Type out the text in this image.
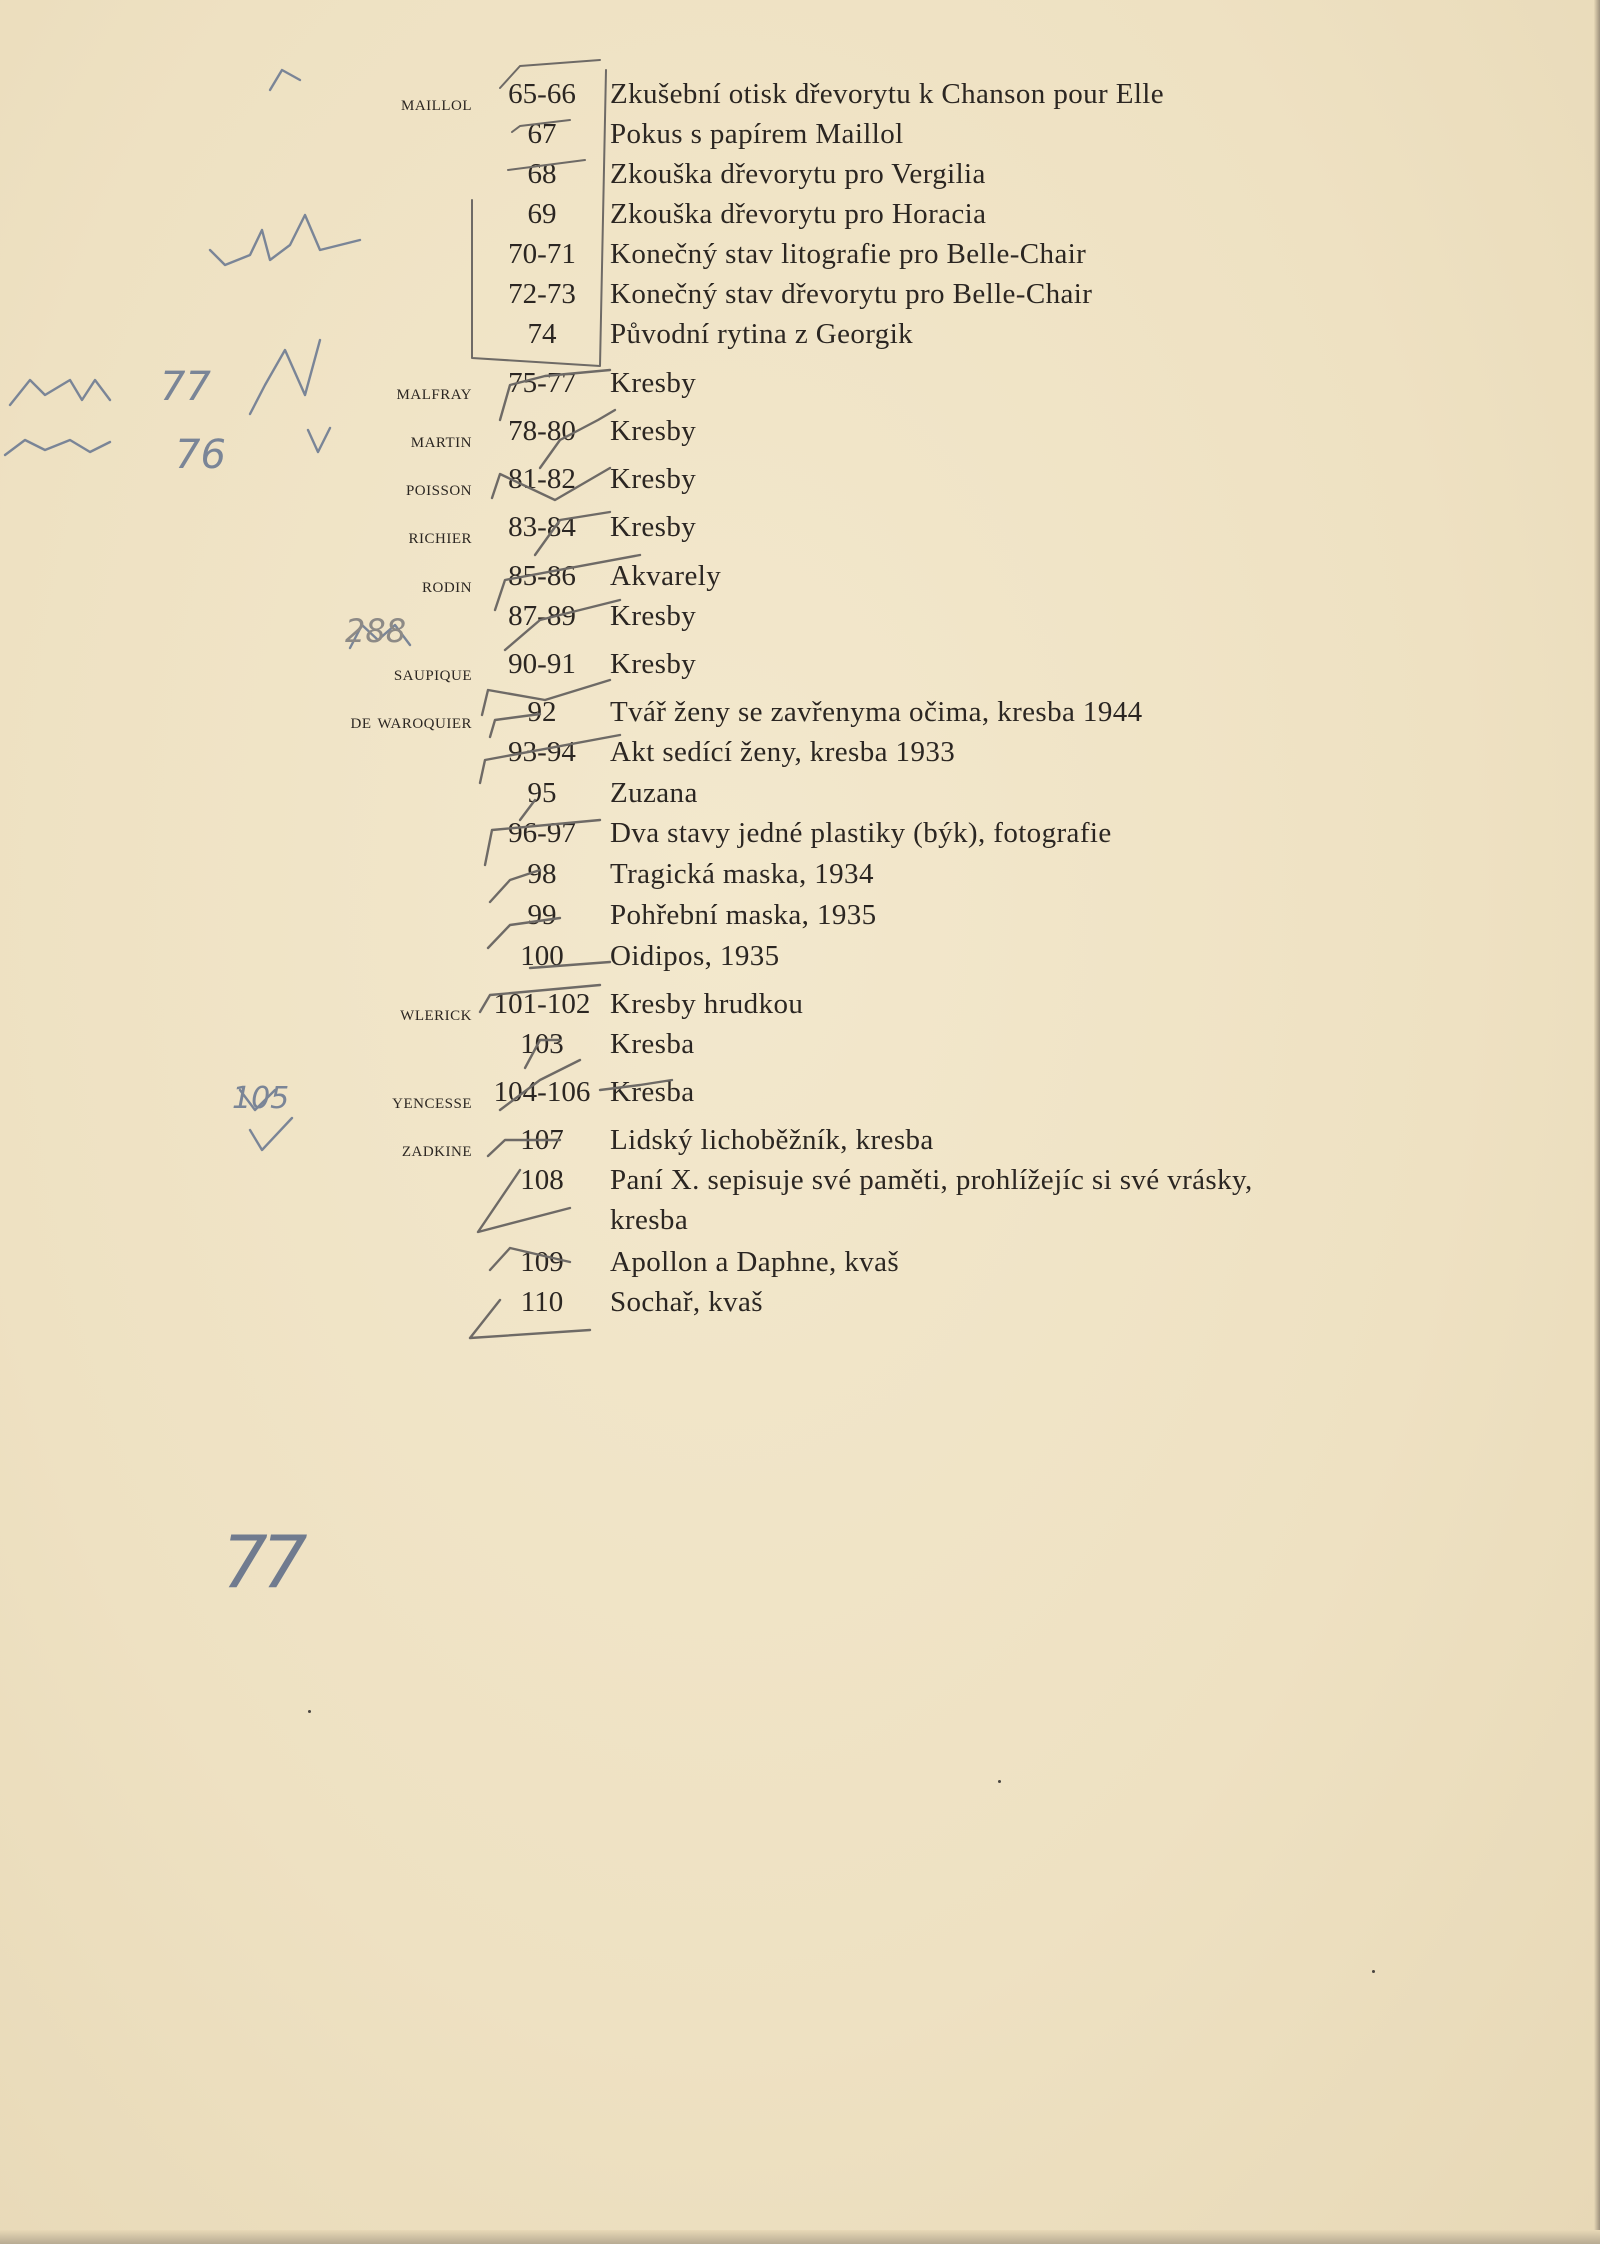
maillol	65-66	Zkušební otisk dřevorytu k Chanson pour Elle
67	Pokus s papírem Maillol
68	Zkouška dřevorytu pro Vergilia
69	Zkouška dřevorytu pro Horacia
70-71	Konečný stav litografie pro Belle-Chair
72-73	Konečný stav dřevorytu pro Belle-Chair
74	Původní rytina z Georgik
malfray	75-77	Kresby
martin	78-80	Kresby
poisson	81-82	Kresby
richier	83-84	Kresby
rodin	85-86	Akvarely
87-89	Kresby
saupique	90-91	Kresby
de waroquier	92	Tvář ženy se zavřenyma očima, kresba 1944
93-94	Akt sedící ženy, kresba 1933
95	Zuzana
96-97	Dva stavy jedné plastiky (býk), fotografie
98	Tragická maska, 1934
99	Pohřební maska, 1935
100	Oidipos, 1935
wlerick 101-102 Kresby hrudkou
103	Kresba
yencesse 104-106 Kresba
zadkine	107	Lidský lichoběžník, kresba
108	Paní X. sepisuje své paměti, prohlížejíc si své vrásky,
kresba
109	Apollon a Daphne, kvaš
110	Sochař, kvaš
77
76
288
105
77
